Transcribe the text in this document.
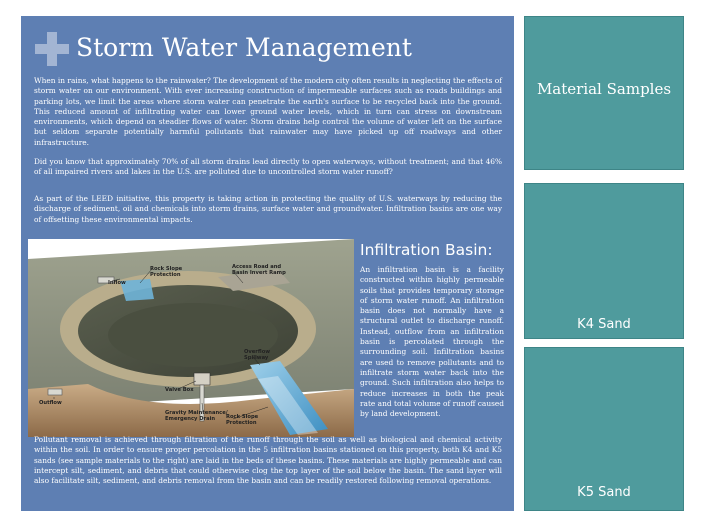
Storm Water Management

When in rains, what happens to the rainwater? The development of the modern city often results in neglecting the effects of storm water on our environment. With ever increasing construction of impermeable surfaces such as roads buildings and parking lots, we limit the areas where storm water can penetrate the earth's surface to be recycled back into the ground. This reduced amount of infiltrating water can lower ground water levels, which in turn can stress on downstream environments, which depend on steadier flows of water. Storm drains help control the volume of water left on the surface but seldom separate potentially harmful pollutants that rainwater may have picked up off roadways and other infrastructure.

Did you know that approximately 70% of all storm drains lead directly to open waterways, without treatment; and that 46% of all impaired rivers and lakes in the U.S. are polluted due to uncontrolled storm water runoff?

As part of the LEED initiative, this property is taking action in protecting the quality of U.S. waterways by reducing the discharge of sediment, oil and chemicals into storm drains, surface water and groundwater. Infiltration basins are one way of offsetting these environmental impacts.

Inflow
Rock Slope
Protection
Access Road and
Basin Invert Ramp
Overflow
Spillway
Outflow
Valve Box
Gravity Maintenance/
Emergency Drain	Rock Slope
Protection
Infiltration Basin:

An infiltration basin is a facility constructed within highly permeable soils that provides temporary storage of storm water runoff. An infiltration basin does not normally have a structural outlet to discharge runoff. Instead, outflow from an infiltration basin is percolated through the surrounding soil. Infiltration basins are used to remove pollutants and to infiltrate storm water back into the ground. Such infiltration also helps to reduce increases in both the peak rate and total volume of runoff caused by land development.

Pollutant removal is achieved through filtration of the runoff through the soil as well as biological and chemical activity within the soil. In order to ensure proper percolation in the 5 infiltration basins stationed on this property, both K4 and K5 sands (see sample materials to the right) are laid in the beds of these basins. These materials are highly permeable and can intercept silt, sediment, and debris that could otherwise clog the top layer of the soil below the basin. The sand layer will also facilitate silt, sediment, and debris removal from the basin and can be readily restored following removal operations.

Material Samples
K4 Sand
K5 Sand
